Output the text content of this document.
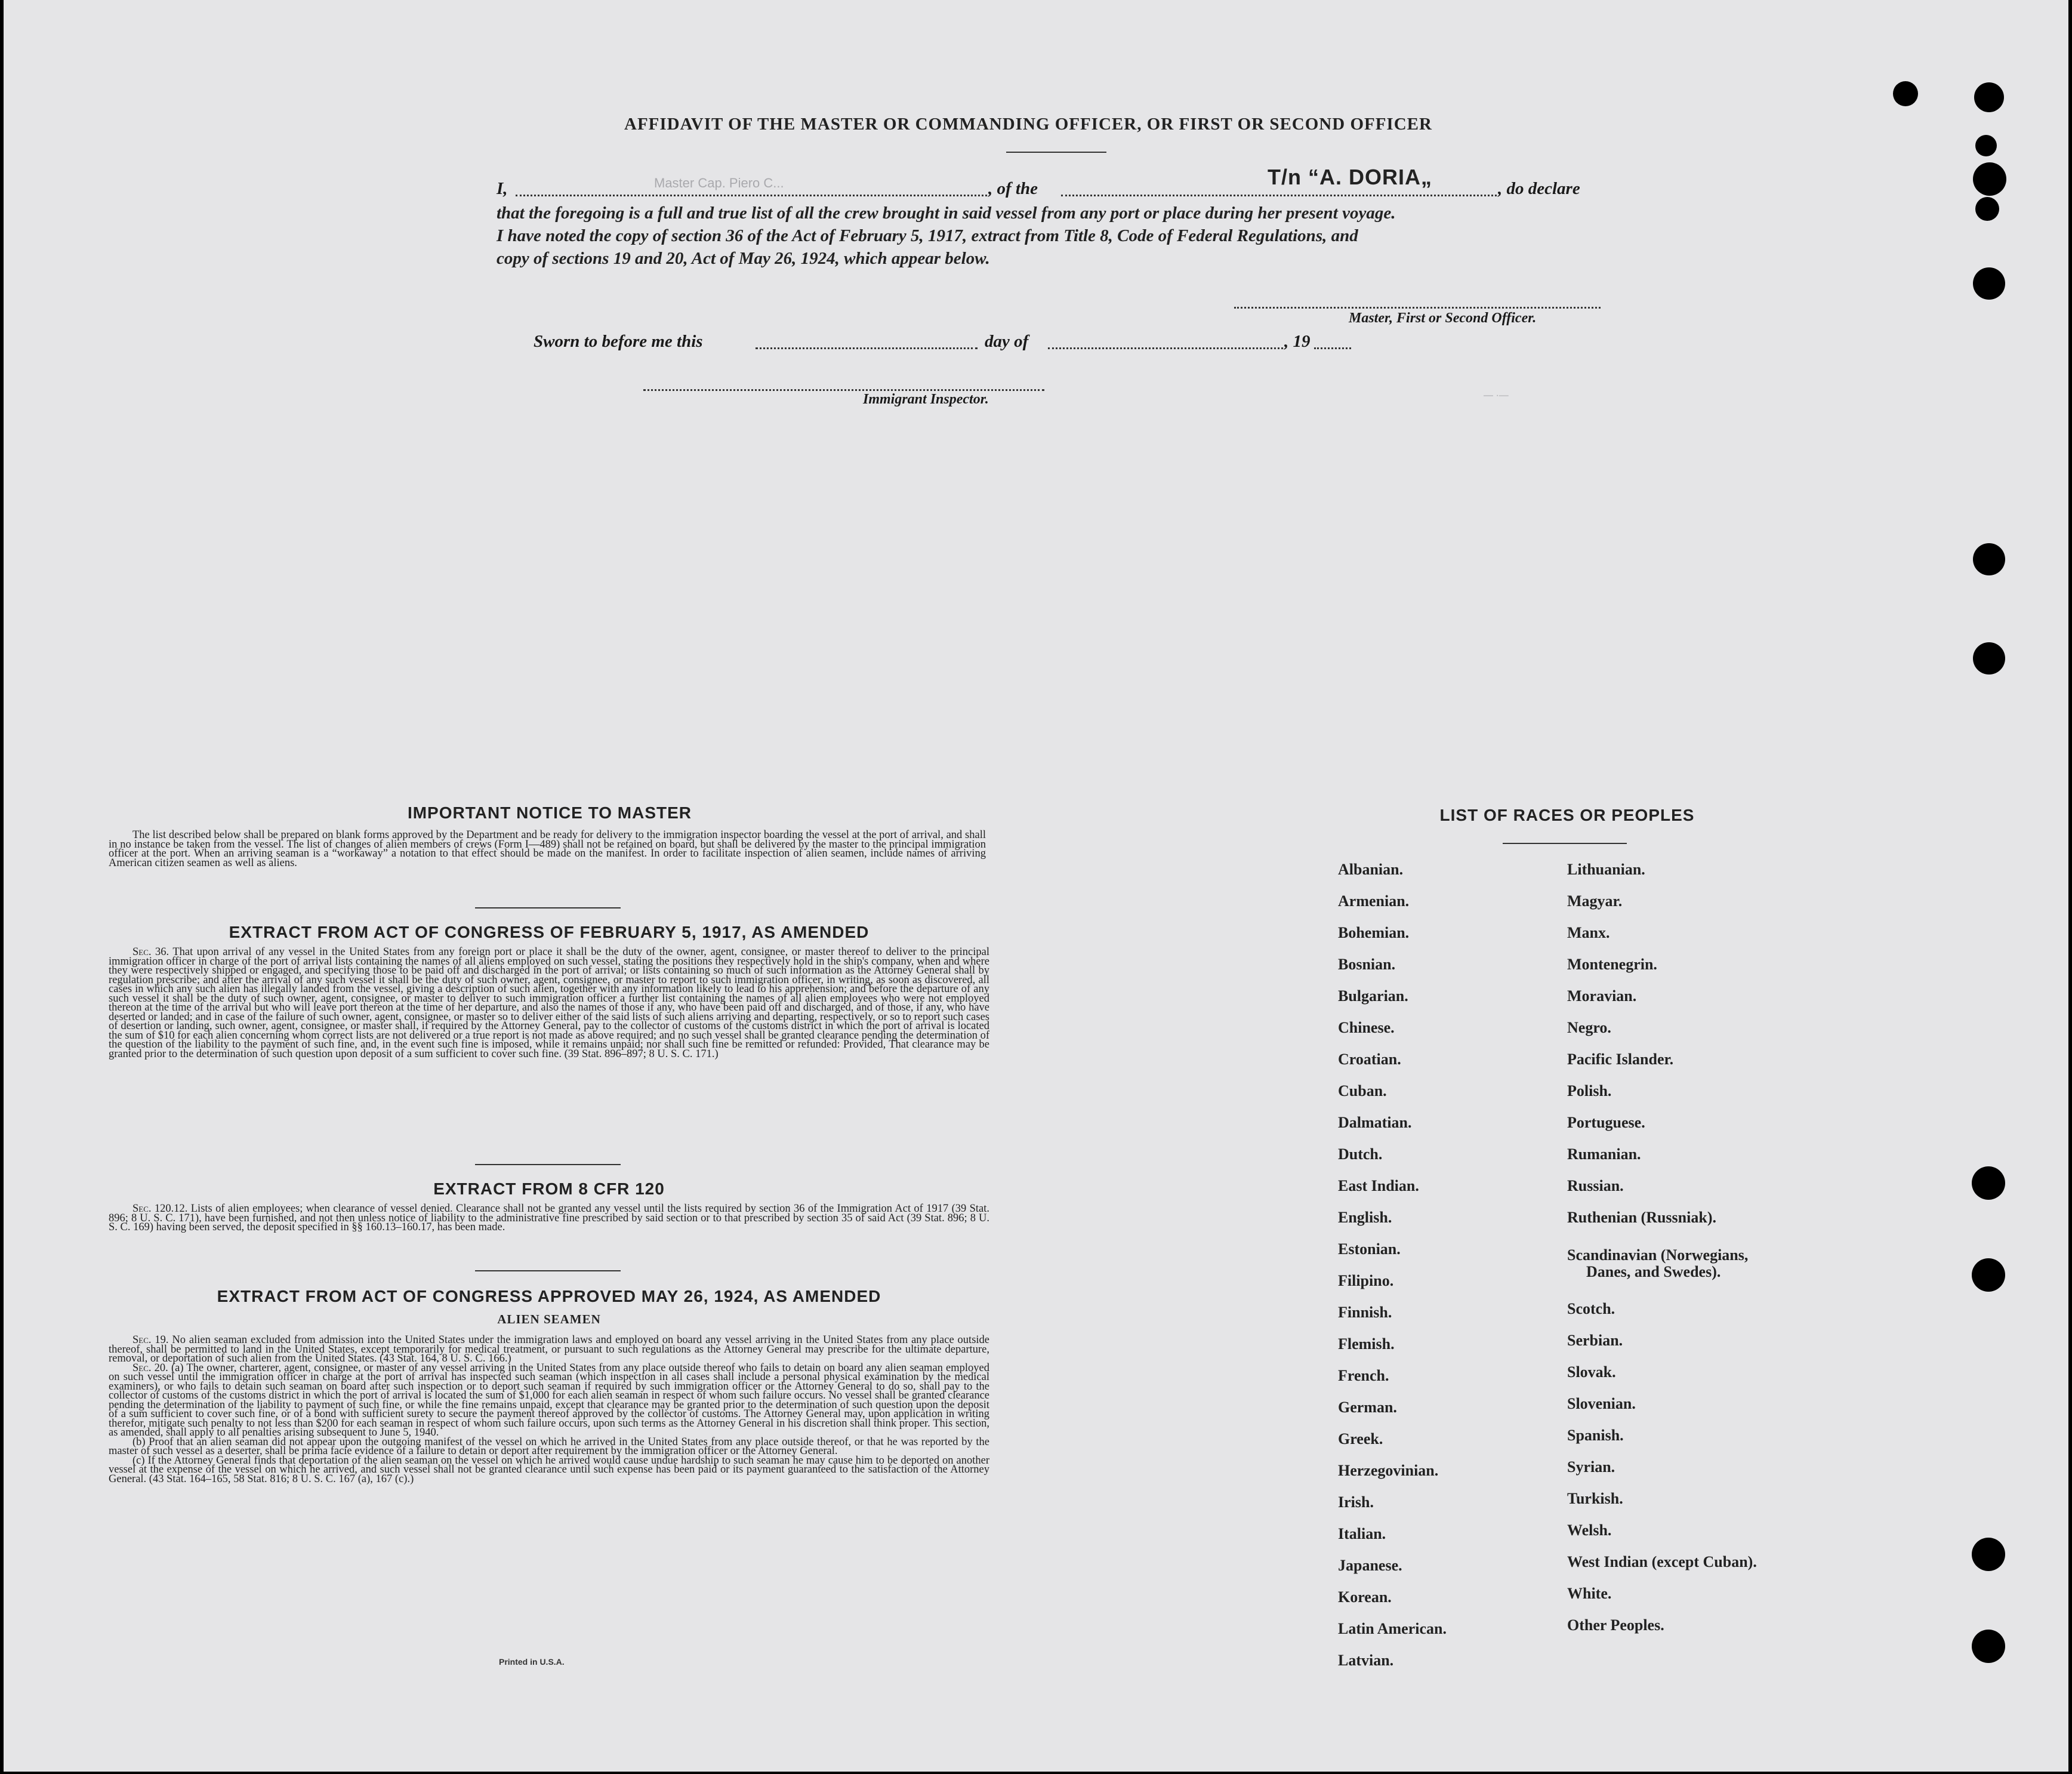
AFFIDAVIT OF THE MASTER OR COMMANDING OFFICER, OR FIRST OR SECOND OFFICER
I,	Master Cap. Piero C...	, of the	T/n “A. DORIA„	, do declare
that the foregoing is a full and true list of all the crew brought in said vessel from any port or place during her present voyage.
I have noted the copy of section 36 of the Act of February 5, 1917, extract from Title 8, Code of Federal Regulations, and
copy of sections 19 and 20, Act of May 26, 1924, which appear below.
Master, First or Second Officer.
Sworn to before me this	day of	, 19
Immigrant Inspector.
IMPORTANT NOTICE TO MASTER
The list described below shall be prepared on blank forms approved by the Department and be ready for delivery to the immigration inspector boarding the vessel at the port of arrival, and shall in no instance be taken from the vessel. The list of changes of alien members of crews (Form I—489) shall not be retained on board, but shall be delivered by the master to the principal immigration officer at the port. When an arriving seaman is a “workaway” a notation to that effect should be made on the manifest. In order to facilitate inspection of alien seamen, include names of arriving American citizen seamen as well as aliens.
EXTRACT FROM ACT OF CONGRESS OF FEBRUARY 5, 1917, AS AMENDED
Sec. 36. That upon arrival of any vessel in the United States from any foreign port or place it shall be the duty of the owner, agent, consignee, or master thereof to deliver to the principal immigration officer in charge of the port of arrival lists containing the names of all aliens employed on such vessel, stating the positions they respectively hold in the ship's company, when and where they were respectively shipped or engaged, and specifying those to be paid off and discharged in the port of arrival; or lists containing so much of such information as the Attorney General shall by regulation prescribe; and after the arrival of any such vessel it shall be the duty of such owner, agent, consignee, or master to report to such immigration officer, in writing, as soon as discovered, all cases in which any such alien has illegally landed from the vessel, giving a description of such alien, together with any information likely to lead to his apprehension; and before the departure of any such vessel it shall be the duty of such owner, agent, consignee, or master to deliver to such immigration officer a further list containing the names of all alien employees who were not employed thereon at the time of the arrival but who will leave port thereon at the time of her departure, and also the names of those if any, who have been paid off and discharged, and of those, if any, who have deserted or landed; and in case of the failure of such owner, agent, consignee, or master so to deliver either of the said lists of such aliens arriving and departing, respectively, or so to report such cases of desertion or landing, such owner, agent, consignee, or master shall, if required by the Attorney General, pay to the collector of customs of the customs district in which the port of arrival is located the sum of $10 for each alien concerning whom correct lists are not delivered or a true report is not made as above required; and no such vessel shall be granted clearance pending the determination of the question of the liability to the payment of such fine, and, in the event such fine is imposed, while it remains unpaid; nor shall such fine be remitted or refunded: Provided, That clearance may be granted prior to the determination of such question upon deposit of a sum sufficient to cover such fine. (39 Stat. 896–897; 8 U. S. C. 171.)
EXTRACT FROM 8 CFR 120
Sec. 120.12. Lists of alien employees; when clearance of vessel denied. Clearance shall not be granted any vessel until the lists required by section 36 of the Immigration Act of 1917 (39 Stat. 896; 8 U. S. C. 171), have been furnished, and not then unless notice of liability to the administrative fine prescribed by said section or to that prescribed by section 35 of said Act (39 Stat. 896; 8 U. S. C. 169) having been served, the deposit specified in §§ 160.13–160.17, has been made.
EXTRACT FROM ACT OF CONGRESS APPROVED MAY 26, 1924, AS AMENDED
ALIEN SEAMEN
Sec. 19. No alien seaman excluded from admission into the United States under the immigration laws and employed on board any vessel arriving in the United States from any place outside thereof, shall be permitted to land in the United States, except temporarily for medical treatment, or pursuant to such regulations as the Attorney General may prescribe for the ultimate departure, removal, or deportation of such alien from the United States. (43 Stat. 164, 8 U. S. C. 166.)
Sec. 20. (a) The owner, charterer, agent, consignee, or master of any vessel arriving in the United States from any place outside thereof who fails to detain on board any alien seaman employed on such vessel until the immigration officer in charge at the port of arrival has inspected such seaman (which inspection in all cases shall include a personal physical examination by the medical examiners), or who fails to detain such seaman on board after such inspection or to deport such seaman if required by such immigration officer or the Attorney General to do so, shall pay to the collector of customs of the customs district in which the port of arrival is located the sum of $1,000 for each alien seaman in respect of whom such failure occurs. No vessel shall be granted clearance pending the determination of the liability to payment of such fine, or while the fine remains unpaid, except that clearance may be granted prior to the determination of such question upon the deposit of a sum sufficient to cover such fine, or of a bond with sufficient surety to secure the payment thereof approved by the collector of customs. The Attorney General may, upon application in writing therefor, mitigate such penalty to not less than $200 for each seaman in respect of whom such failure occurs, upon such terms as the Attorney General in his discretion shall think proper. This section, as amended, shall apply to all penalties arising subsequent to June 5, 1940.
(b) Proof that an alien seaman did not appear upon the outgoing manifest of the vessel on which he arrived in the United States from any place outside thereof, or that he was reported by the master of such vessel as a deserter, shall be prima facie evidence of a failure to detain or deport after requirement by the immigration officer or the Attorney General.
(c) If the Attorney General finds that deportation of the alien seaman on the vessel on which he arrived would cause undue hardship to such seaman he may cause him to be deported on another vessel at the expense of the vessel on which he arrived, and such vessel shall not be granted clearance until such expense has been paid or its payment guaranteed to the satisfaction of the Attorney General. (43 Stat. 164–165, 58 Stat. 816; 8 U. S. C. 167 (a), 167 (c).)
Printed in U.S.A.
LIST OF RACES OR PEOPLES
Albanian.
Armenian.
Bohemian.
Bosnian.
Bulgarian.
Chinese.
Croatian.
Cuban.
Dalmatian.
Dutch.
East Indian.
English.
Estonian.
Filipino.
Finnish.
Flemish.
French.
German.
Greek.
Herzegovinian.
Irish.
Italian.
Japanese.
Korean.
Latin American.
Latvian.
Lithuanian.
Magyar.
Manx.
Montenegrin.
Moravian.
Negro.
Pacific Islander.
Polish.
Portuguese.
Rumanian.
Russian.
Ruthenian (Russniak).
Scandinavian (Norwegians,
Danes, and Swedes).
Scotch.
Serbian.
Slovak.
Slovenian.
Spanish.
Syrian.
Turkish.
Welsh.
West Indian (except Cuban).
White.
Other Peoples.
— ·—
